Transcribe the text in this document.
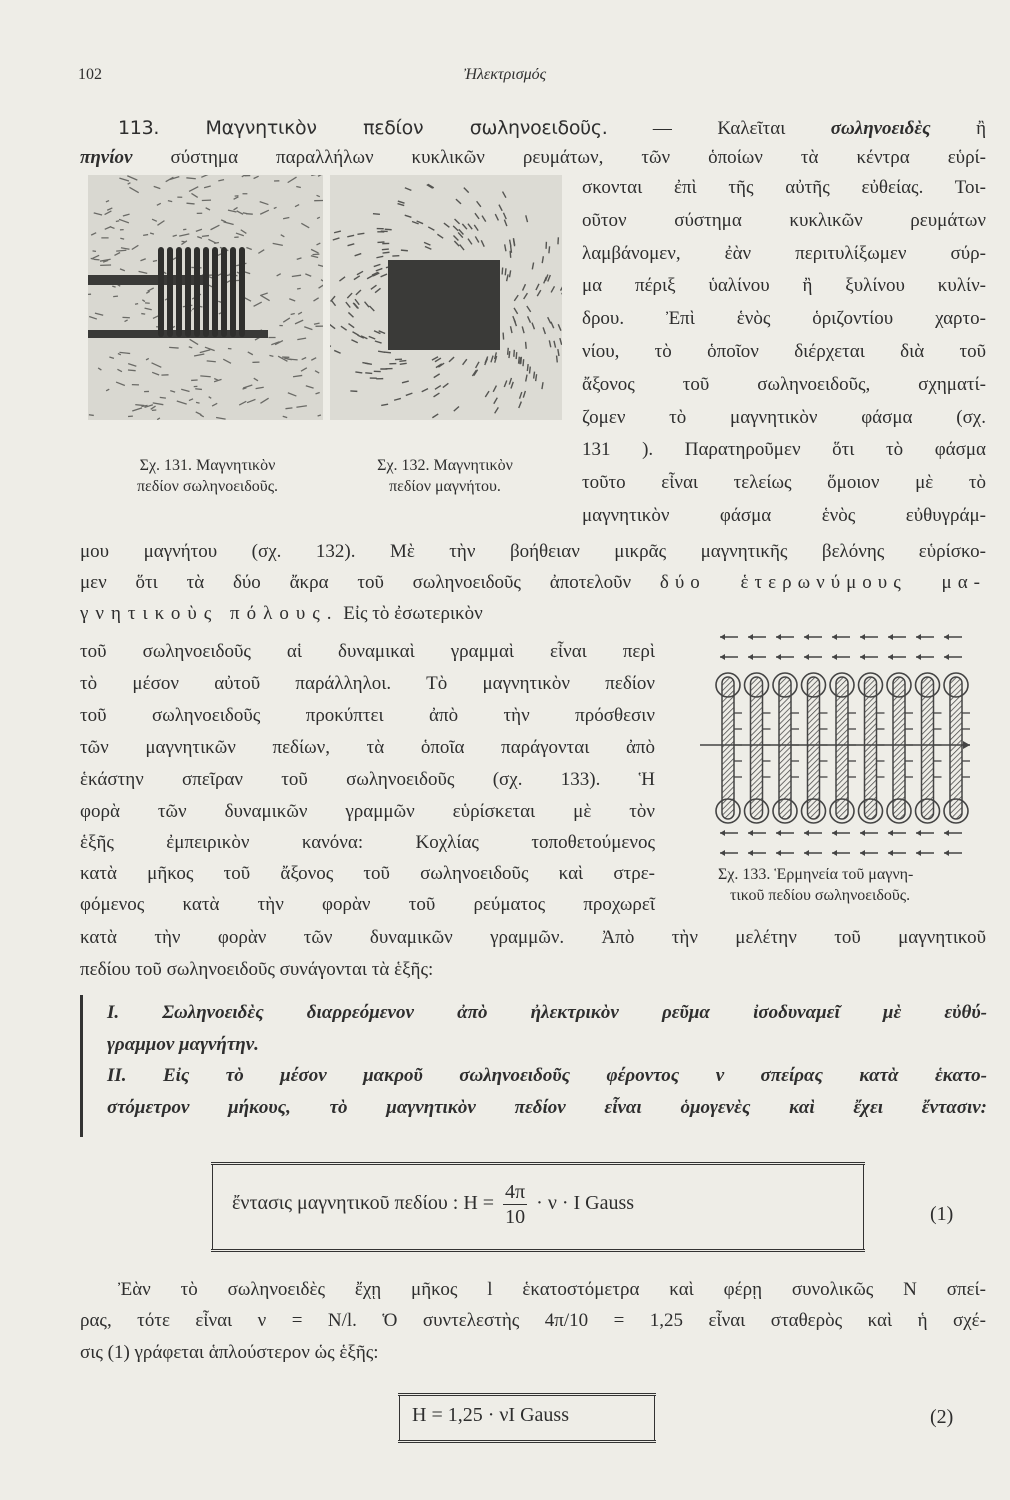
102	Ἠλεκτρισμός
113. Μαγνητικὸν πεδίον σωληνοειδοῦς. — Καλεῖται σωληνοειδὲς ἢ
πηνίον σύστημα παραλλήλων κυκλικῶν ρευμάτων, τῶν ὁποίων τὰ κέντρα εὑρί-
σκονται ἐπὶ τῆς αὐτῆς εὐθείας. Τοι-
οῦτον σύστημα κυκλικῶν ρευμάτων
λαμβάνομεν, ἐὰν περιτυλίξωμεν σύρ-
μα πέριξ ὑαλίνου ἢ ξυλίνου κυλίν-
δρου. Ἐπὶ ἑνὸς ὁριζοντίου χαρτο-
νίου, τὸ ὁποῖον διέρχεται διὰ τοῦ
ἄξονος τοῦ σωληνοειδοῦς, σχηματί-
ζομεν τὸ μαγνητικὸν φάσμα (σχ.
131 ). Παρατηροῦμεν ὅτι τὸ φάσμα
τοῦτο εἶναι τελείως ὅμοιον μὲ τὸ
μαγνητικὸν φάσμα ἑνὸς εὐθυγράμ-
μου μαγνήτου (σχ. 132). Μὲ τὴν βοήθειαν μικρᾶς μαγνητικῆς βελόνης εὑρίσκο-
τοῦ σωληνοειδοῦς αἱ δυναμικαὶ γραμμαὶ εἶναι περὶ
τὸ μέσον αὐτοῦ παράλληλοι. Τὸ μαγνητικὸν πεδίον
τοῦ σωληνοειδοῦς προκύπτει ἀπὸ τὴν πρόσθεσιν
τῶν μαγνητικῶν πεδίων, τὰ ὁποῖα παράγονται ἀπὸ
ἑκάστην σπεῖραν τοῦ σωληνοειδοῦς (σχ. 133). Ἡ
φορὰ τῶν δυναμικῶν γραμμῶν εὑρίσκεται μὲ τὸν
ἑξῆς ἐμπειρικὸν κανόνα: Κοχλίας τοποθετούμενος
κατὰ μῆκος τοῦ ἄξονος τοῦ σωληνοειδοῦς καὶ στρε-
φόμενος κατὰ τὴν φορὰν τοῦ ρεύματος προχωρεῖ
κατὰ τὴν φορὰν τῶν δυναμικῶν γραμμῶν. Ἀπὸ τὴν μελέτην τοῦ μαγνητικοῦ
πεδίου τοῦ σωληνοειδοῦς συνάγονται τὰ ἑξῆς:
I. Σωληνοειδὲς διαρρεόμενον ἀπὸ ἠλεκτρικὸν ρεῦμα ἰσοδυναμεῖ μὲ εὐθύ-
γραμμον μαγνήτην.
II. Εἰς τὸ μέσον μακροῦ σωληνοειδοῦς φέροντος ν σπείρας κατὰ ἑκατο-
στόμετρον μήκους, τὸ μαγνητικὸν πεδίον εἶναι ὁμογενὲς καὶ ἔχει ἔντασιν:
Ἐὰν τὸ σωληνοειδὲς ἔχῃ μῆκος l ἑκατοστόμετρα καὶ φέρῃ συνολικῶς N σπεί-
ρας, τότε εἶναι ν = N/l. Ὁ συντελεστὴς 4π/10 = 1,25 εἶναι σταθερὸς καὶ ἡ σχέ-
σις (1) γράφεται ἁπλούστερον ὡς ἑξῆς:
μεν ὅτι τὰ δύο ἄκρα τοῦ σωληνοειδοῦς ἀποτελοῦν δύο ἑτερωνύμους μα-
γνητικοὺς πόλους. Εἰς τὸ ἐσωτερικὸν
Σχ. 131. Μαγνητικὸν
πεδίον σωληνοειδοῦς.
Σχ. 132. Μαγνητικὸν
πεδίον μαγνήτου.
Σχ. 133. Ἑρμηνεία τοῦ μαγνη-
τικοῦ πεδίου σωληνοειδοῦς.
ἔντασις μαγνητικοῦ πεδίου : $H = \frac{4\pi}{10} \cdot \nu \cdot I$ Gauss	(1)
H = 1,25 · νI Gauss	(2)
